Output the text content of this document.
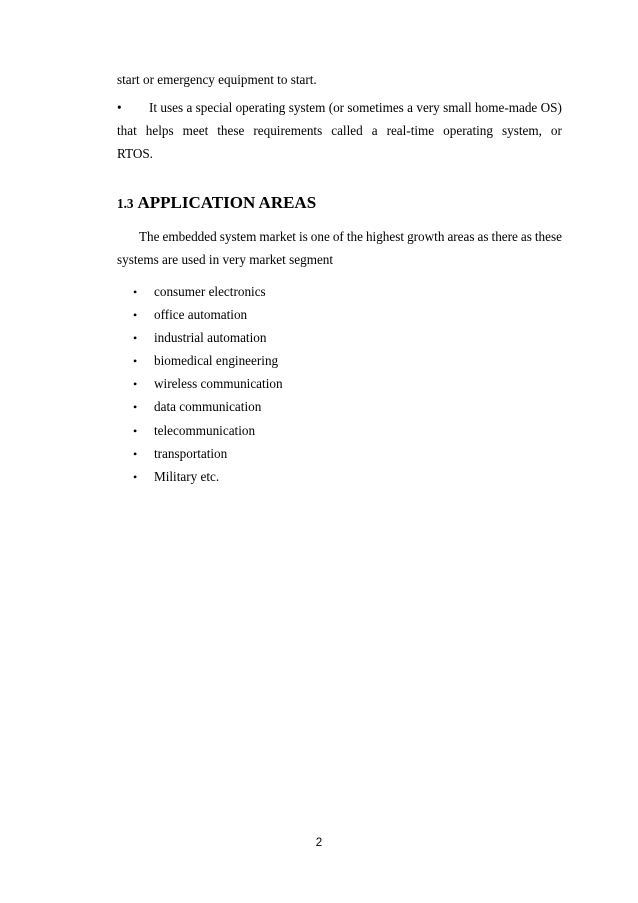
start or emergency equipment to start.
• It uses a special operating system (or sometimes a very small home-made OS)
that helps meet these requirements called a real-time operating system, or
RTOS.
1.3 APPLICATION AREAS
The embedded system market is one of the highest growth areas as there as these
systems are used in very market segment
• consumer electronics
• office automation
• industrial automation
• biomedical engineering
• wireless communication
• data communication
• telecommunication
• transportation
• Military etc.
2
